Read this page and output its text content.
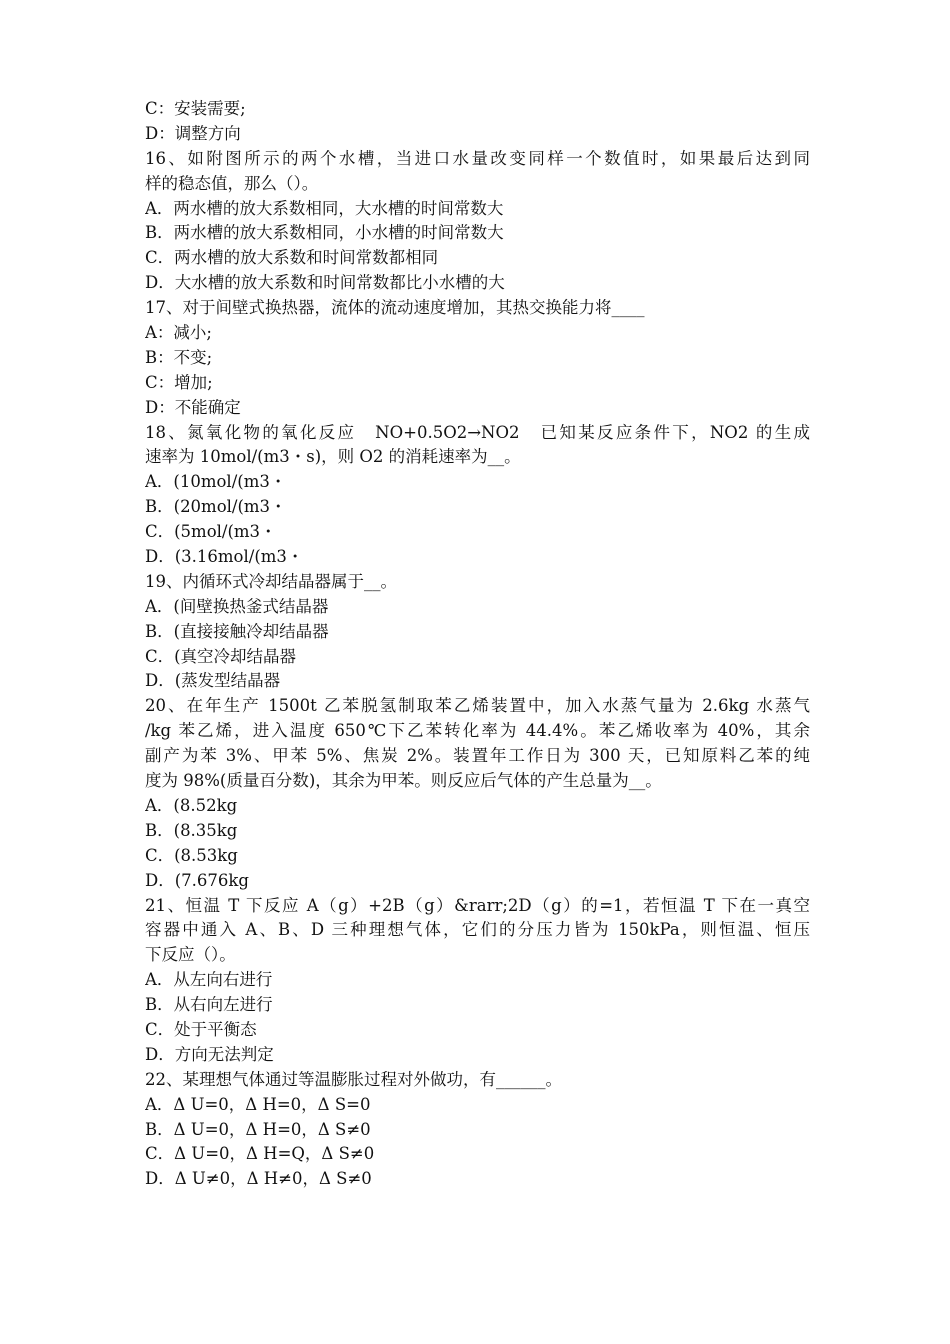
C：安装需要;
D：调整方向
16、如附图所示的两个水槽，当进口水量改变同样一个数值时，如果最后达到同
样的稳态值，那么（）。
A．两水槽的放大系数相同，大水槽的时间常数大
B．两水槽的放大系数相同，小水槽的时间常数大
C．两水槽的放大系数和时间常数都相同
D．大水槽的放大系数和时间常数都比小水槽的大
17、对于间壁式换热器，流体的流动速度增加，其热交换能力将____
A：减小;
B：不变;
C：增加;
D：不能确定
18、氮氧化物的氧化反应　NO+0.5O2→NO2　已知某反应条件下，NO2 的生成
速率为 10mol/(m3・s)，则 O2 的消耗速率为__。
A．(10mol/(m3・
B．(20mol/(m3・
C．(5mol/(m3・
D．(3.16mol/(m3・
19、内循环式冷却结晶器属于__。
A．(间壁换热釜式结晶器
B．(直接接触冷却结晶器
C．(真空冷却结晶器
D．(蒸发型结晶器
20、在年生产 1500t 乙苯脱氢制取苯乙烯装置中，加入水蒸气量为 2.6kg 水蒸气
/kg 苯乙烯，进入温度 650℃下乙苯转化率为 44.4%。苯乙烯收率为 40%，其余
副产为苯 3%、甲苯 5%、焦炭 2%。装置年工作日为 300 天，已知原料乙苯的纯
度为 98%(质量百分数)，其余为甲苯。则反应后气体的产生总量为__。
A．(8.52kg
B．(8.35kg
C．(8.53kg
D．(7.676kg
21、恒温 T 下反应 A（g）+2B（g）&rarr;2D（g）的=1，若恒温 T 下在一真空
容器中通入 A、B、D 三种理想气体，它们的分压力皆为 150kPa，则恒温、恒压
下反应（）。
A．从左向右进行
B．从右向左进行
C．处于平衡态
D．方向无法判定
22、某理想气体通过等温膨胀过程对外做功，有______。
A．Δ U=0，Δ H=0，Δ S=0
B．Δ U=0，Δ H=0，Δ S≠0
C．Δ U=0，Δ H=Q，Δ S≠0
D．Δ U≠0，Δ H≠0，Δ S≠0
